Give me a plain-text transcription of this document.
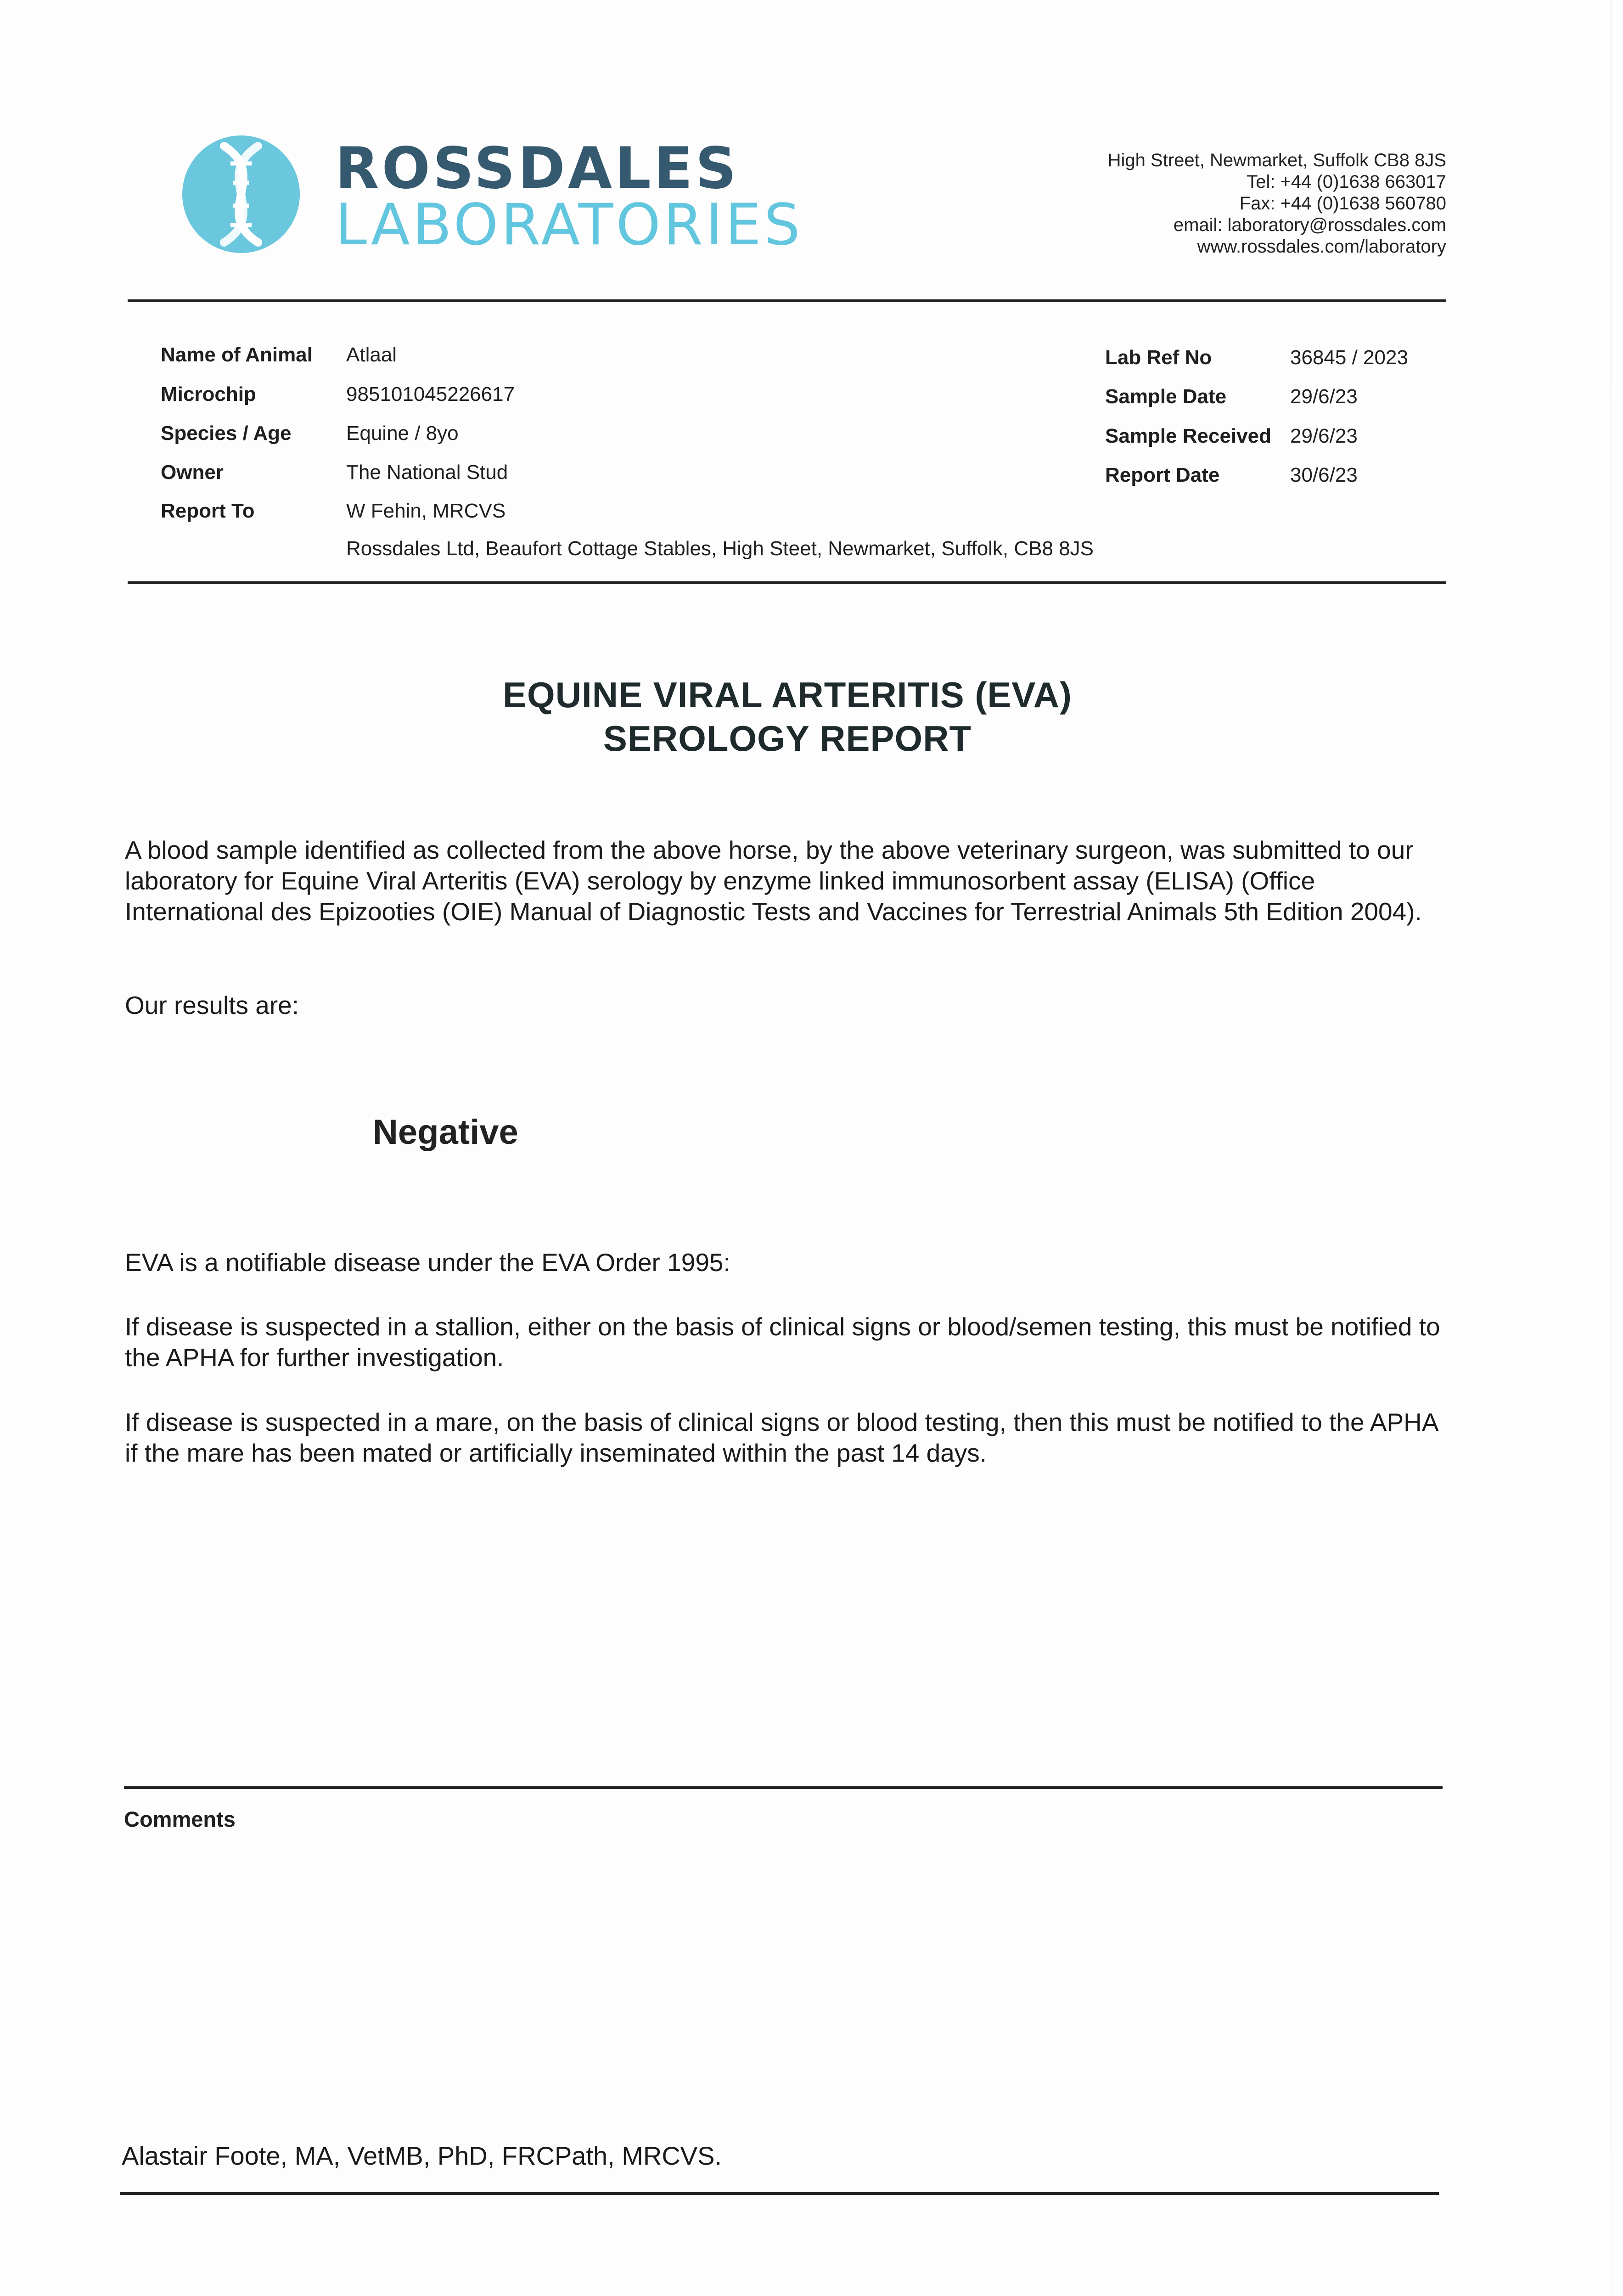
ROSSDALES
LABORATORIES
High Street, Newmarket, Suffolk CB8 8JS
Tel: +44 (0)1638 663017
Fax: +44 (0)1638 560780
email: laboratory@rossdales.com
www.rossdales.com/laboratory
Name of Animal Atlaal
Microchip	985101045226617
Species / Age	Equine / 8yo
Owner	The National Stud
Report To	W Fehin, MRCVS
Rossdales Ltd, Beaufort Cottage Stables, High Steet, Newmarket, Suffolk, CB8 8JS
Lab Ref No	36845 / 2023
Sample Date	29/6/23
Sample Received 29/6/23
Report Date	30/6/23
EQUINE VIRAL ARTERITIS (EVA)
SEROLOGY REPORT
A blood sample identified as collected from the above horse, by the above veterinary surgeon, was submitted to our laboratory for Equine Viral Arteritis (EVA) serology by enzyme linked immunosorbent assay (ELISA) (Office International des Epizooties (OIE) Manual of Diagnostic Tests and Vaccines for Terrestrial Animals 5th Edition 2004).
Our results are:
Negative
EVA is a notifiable disease under the EVA Order 1995:
If disease is suspected in a stallion, either on the basis of clinical signs or blood/semen testing, this must be notified to the APHA for further investigation.
If disease is suspected in a mare, on the basis of clinical signs or blood testing, then this must be notified to the APHA if the mare has been mated or artificially inseminated within the past 14 days.
Comments
Alastair Foote, MA, VetMB, PhD, FRCPath, MRCVS.
